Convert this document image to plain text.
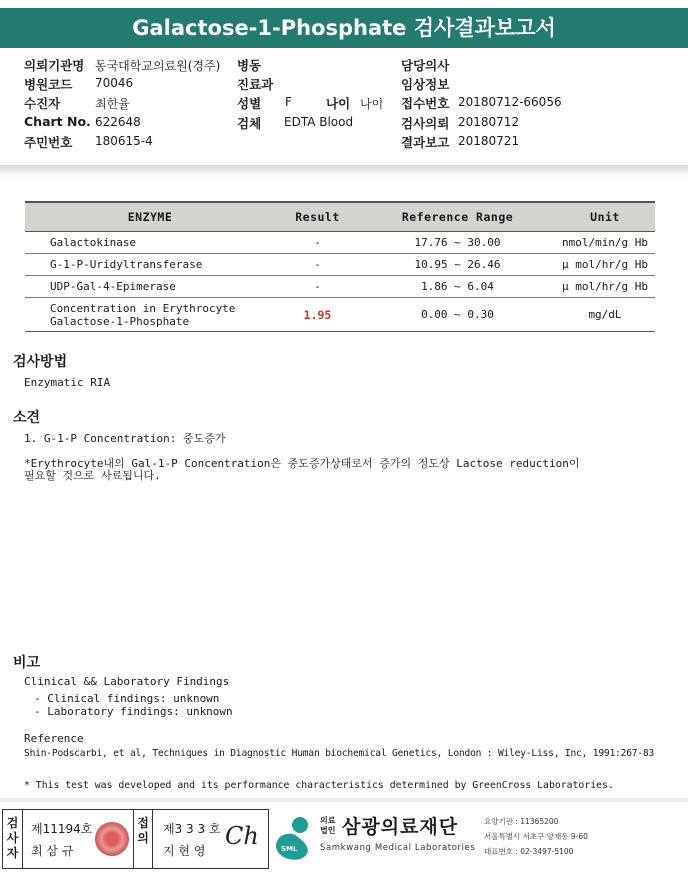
Galactose-1-Phosphate 검사결과보고서
의뢰기관명 동국대학교의료원(경주)
병원코드 70046
수진자	최한율
Chart No. 622648
주민번호 180615-4
병동
진료과
성별 F	나이 나이
검체 EDTA Blood
담당의사
임상정보
접수번호 20180712-66056
검사의뢰 20180712
결과보고 20180721
ENZYME	Result	Reference Range	Unit
Galactokinase	-	17.76 ~ 30.00	nmol/min/g Hb
G-1-P-Uridyltransferase	-	10.95 ~ 26.46	μ mol/hr/g Hb
UDP-Gal-4-Epimerase	-	1.86 ~ 6.04	μ mol/hr/g Hb

Concentration in Erythrocyte
Galactose-1-Phosphate	1.95	0.00 ~ 0.30	mg/dL
검사방법
Enzymatic RIA
소견
1. G-1-P Concentration: 중도증가
*Erythrocyte내의 Gal-1-P Concentration은 중도증가상태로서 증가의 정도상 Lactose reduction이
필요할 것으로 사료됩니다.
비고
Clinical && Laboratory Findings
- Clinical findings: unknown
- Laboratory findings: unknown
Reference
Shin-Podscarbi, et al, Techniques in Diagnostic Human biochemical Genetics, London : Wiley-Liss, Inc, 1991:267-83
* This test was developed and its performance characteristics determined by GreenCross Laboratories.
검사자
제11194호
최 삼 규
접의
제3 3 3 호
지 현 영
Ch	SML
의료
법인 삼광의료재단
Samkwang Medical Laboratories
요양기관 : 11365200
서울특별시 서초구 양재동 9-60
대표번호 : 02-3497-5100
